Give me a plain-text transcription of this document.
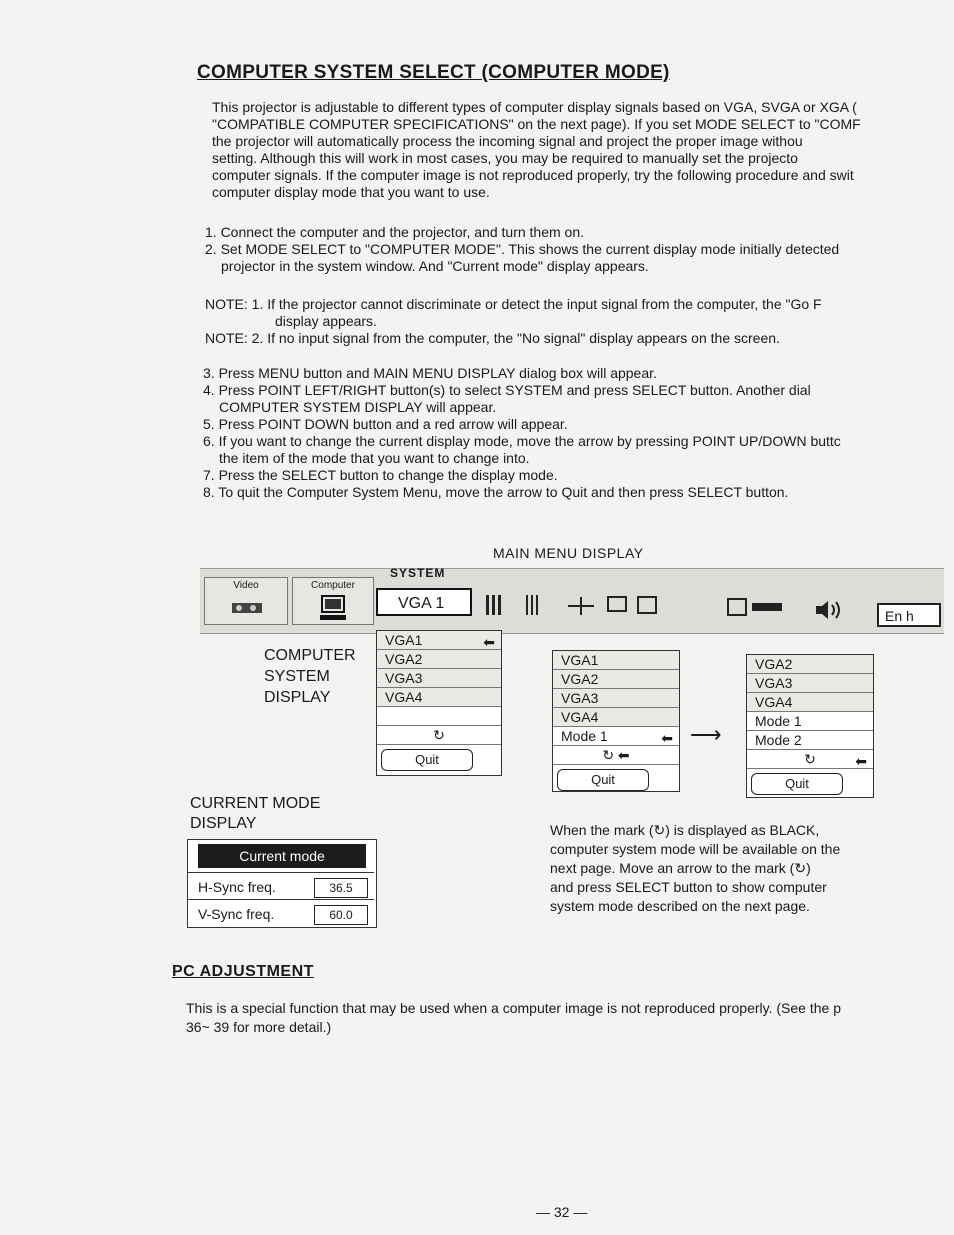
COMPUTER SYSTEM SELECT (COMPUTER MODE)
This projector is adjustable to different types of computer display signals based on VGA, SVGA or XGA (
"COMPATIBLE COMPUTER SPECIFICATIONS" on the next page). If you set MODE SELECT to "COMF
the projector will automatically process the incoming signal and project the proper image withou
setting. Although this will work in most cases, you may be required to manually set the projecto
computer signals. If the computer image is not reproduced properly, try the following procedure and swit
computer display mode that you want to use.
1. Connect the computer and the projector, and turn them on.
2. Set MODE SELECT to "COMPUTER MODE". This shows the current display mode initially detected
projector in the system window. And "Current mode" display appears.
NOTE: 1. If the projector cannot discriminate or detect the input signal from the computer, the "Go F
display appears.
NOTE: 2. If no input signal from the computer, the "No signal" display appears on the screen.
3. Press MENU button and MAIN MENU DISPLAY dialog box will appear.
4. Press POINT LEFT/RIGHT button(s) to select SYSTEM and press SELECT button. Another dial
COMPUTER SYSTEM DISPLAY will appear.
5. Press POINT DOWN button and a red arrow will appear.
6. If you want to change the current display mode, move the arrow by pressing POINT UP/DOWN buttc
the item of the mode that you want to change into.
7. Press the SELECT button to change the display mode.
8. To quit the Computer System Menu, move the arrow to Quit and then press SELECT button.
MAIN MENU DISPLAY
Video	Computer
SYSTEM
VGA 1
En h
COMPUTER
SYSTEM
DISPLAY
VGA1	⬅
VGA2
VGA3
VGA4
↻
Quit
VGA1
VGA2
VGA3
VGA4
Mode 1	⬅
↻ ⬅
Quit
⟶
VGA2
VGA3
VGA4
Mode 1
Mode 2
↻	⬅
Quit
CURRENT MODE
DISPLAY
Current mode
H-Sync freq.	36.5
V-Sync freq.	60.0
When the mark (↻) is displayed as BLACK,
computer system mode will be available on the
next page. Move an arrow to the mark (↻)
and press SELECT button to show computer
system mode described on the next page.
PC ADJUSTMENT
This is a special function that may be used when a computer image is not reproduced properly. (See the p
36~ 39 for more detail.)
— 32 —
